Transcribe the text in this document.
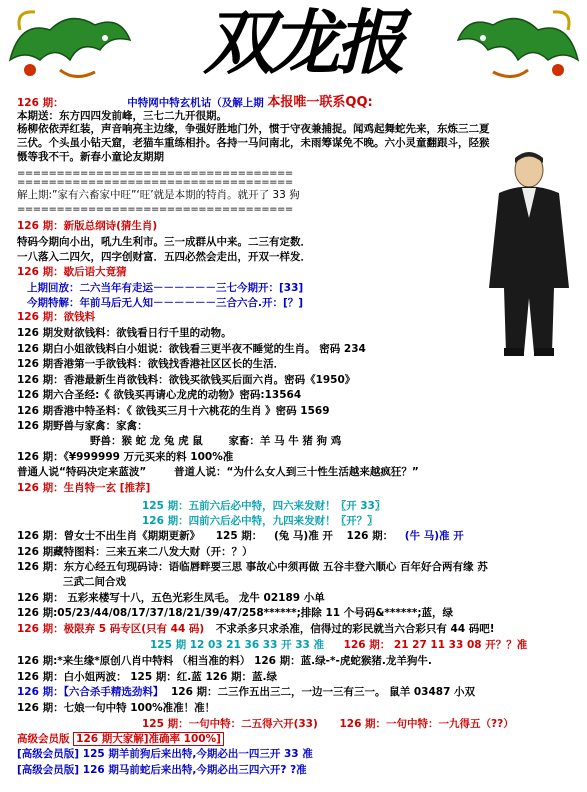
双龙报
126 期：	中特网中特玄机诂（及解上期 本报唯一联系QQ:
本期送：东方四四发前峰，三七二九开很期。
杨柳依依弄红装，声音响亮主边缘，争强好胜地门外，惯于守夜兼捕捉。闻鸡起舞蛇先来，东炼三二夏
三伏。个头虽小钻天窟，老猫车重练相扑。各持一马问南北，未雨筹谋免不晚。六小灵童翻跟斗，陉猴
慑等我不干。新春小童论友期期
===================================
===================================
解上期:”家有六畜家中旺”‘旺’就是本期的特肖。就开了 33 狗
===================================
126 期：新版总纲诗(猜生肖)
特码今期向小出，吼九生利市。三一成群从中来。二三有定数．
一八落入二四欠，四字创财富．五四必然会走出，开双一样发．
126 期：歇后语大竟猜
上期回放：二六当年有走运－－－－－－三七今期开：[33]
今期特解：年前马后无人知－－－－－－三合六合.开：[？]
126 期：欲钱料
126 期发财欲钱料：欲钱看日行千里的动物。
126 期白小姐欲钱料白小姐说：欲钱看三更半夜不睡觉的生肖。 密码 234
126 期香港第一手欲钱料：欲钱找香港社区区长的生活．
126 期：香港最新生肖欲钱料：欲钱买欲钱买后面六肖。密码《1950》
126 期六合圣经:《 欲钱买再请心龙虎的动物》密码:13564
126 期香港中特圣料：《 欲钱买三月十六桃花的生肖 》密码 1569
126 期野兽与家禽：家禽：
野兽：猴 蛇 龙 兔 虎 鼠 家畜：羊 马 牛 猪 狗 鸡
126 期：《¥999999 万元买来的料 100%准
普通人说“特码决定来蓝波”	普道人说：“为什么女人到三十性生活越来越疯狂？”
126 期：生肖特一玄 [推荐]
125 期：五前六后必中特，四六来发财！〖开 33〗
126 期：四前六后必中特，九四来发财！〖开？〗
126 期：曾女士不出生肖《期期更新》 125 期： (兔 马)准 开 126 期： (牛 马)准 开
126 期藏特图料：三来五来二八发大财（开：？）
126 期：东方心经五句现码诗：语临唇畔要三思 事故心中须再做 五谷丰登六顺心 百年好合两有缘 苏
三武二间合戏
126 期： 五彩来楼写十八，五色光彩生凤毛。 龙牛 02189 小单
126 期:05/23/44/08/17/37/18/21/39/47/258******;排除 11 个号码&******;蓝，绿
126 期：极限弃 5 码专区(只有 44 码) 不求杀多只求杀准，信得过的彩民就当六合彩只有 44 码吧!
125 期 12 03 21 36 33 开 33 准 126 期： 21 27 11 33 08 开？？准
126 期:*来生缘*原创八肖中特料 （相当准的料） 126 期：蓝.绿-*-虎蛇猴猪.龙羊狗牛.
126 期：白小姐两波： 125 期：红.蓝 126 期：蓝.绿
126 期：【六合杀手精选劲料】 126 期：二三作五出三二，一边一三有三一。 鼠羊 03487 小双
126 期：七娘一句中特 100%准准！准！
125 期：一句中特：二五得六开(33) 126 期：一句中特：一九得五（??）
高级会员版 126 期大家解]准确率 100%]
[高级会员版] 125 期羊前狗后来出特,今期必出一四三开 33 准
[高级会员版] 126 期马前蛇后来出特,今期必出三四六开? ?准
